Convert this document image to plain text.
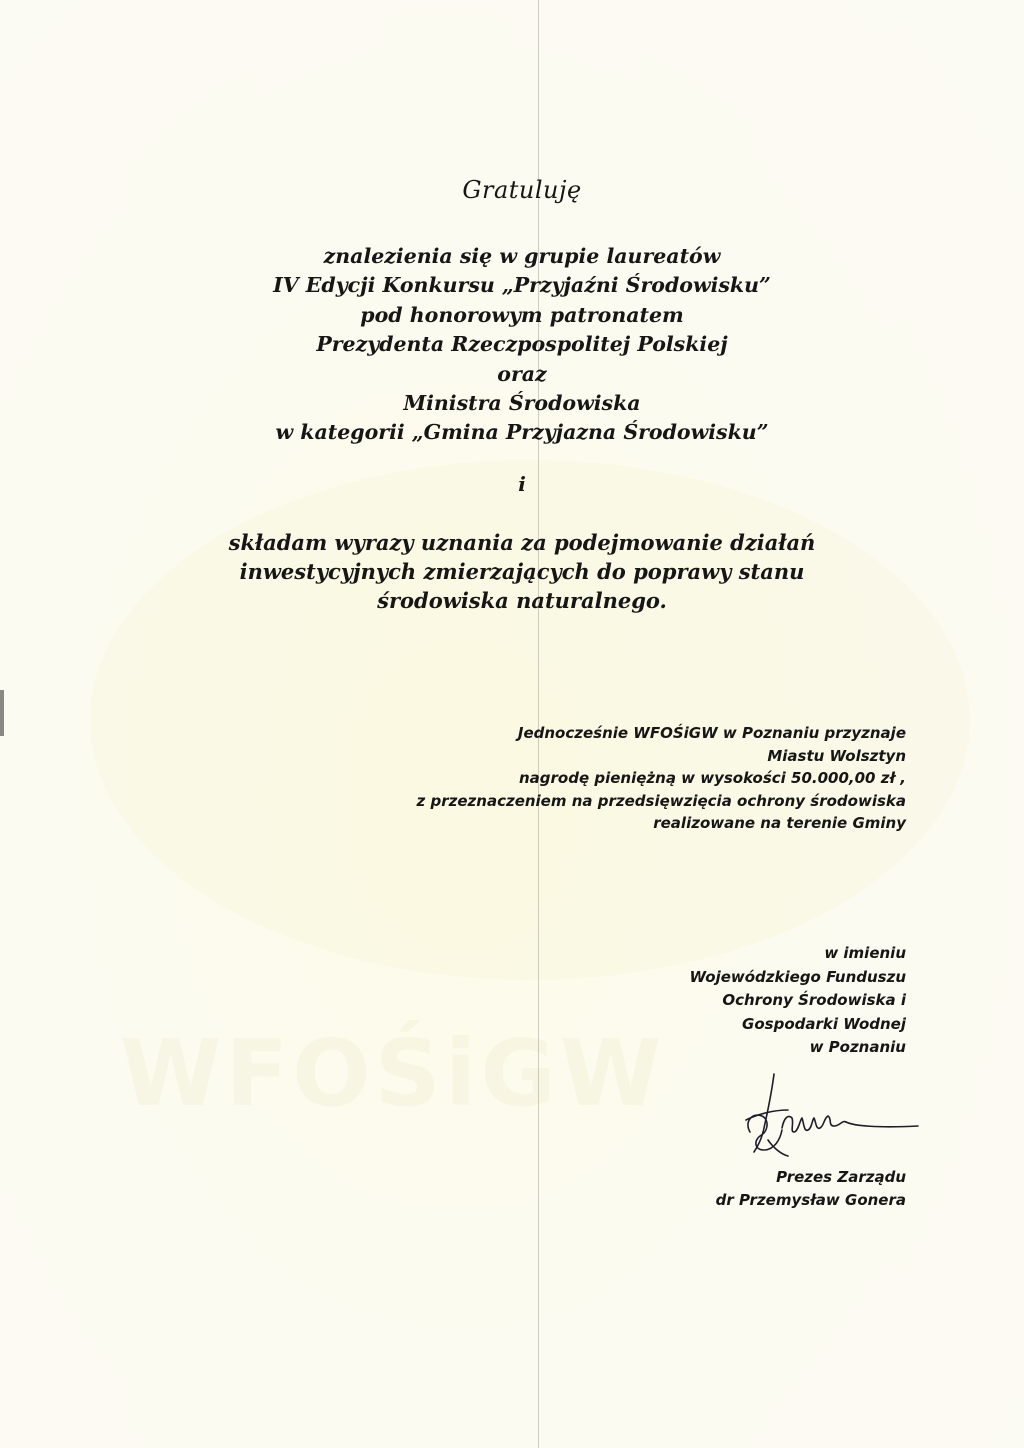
WFOŚiGW
Gratuluję
znalezienia się w grupie laureatów
IV Edycji Konkursu „Przyjaźni Środowisku”
pod honorowym patronatem
Prezydenta Rzeczpospolitej Polskiej
oraz
Ministra Środowiska
w kategorii „Gmina Przyjazna Środowisku”
i
składam wyrazy uznania za podejmowanie działań
inwestycyjnych zmierzających do poprawy stanu
środowiska naturalnego.
Jednocześnie WFOŚiGW w Poznaniu przyznaje
Miastu Wolsztyn
nagrodę pieniężną w wysokości 50.000,00 zł ,
z przeznaczeniem na przedsięwzięcia ochrony środowiska
realizowane na terenie Gminy
w imieniu
Wojewódzkiego Funduszu
Ochrony Środowiska i
Gospodarki Wodnej
w Poznaniu
Prezes Zarządu
dr Przemysław Gonera
